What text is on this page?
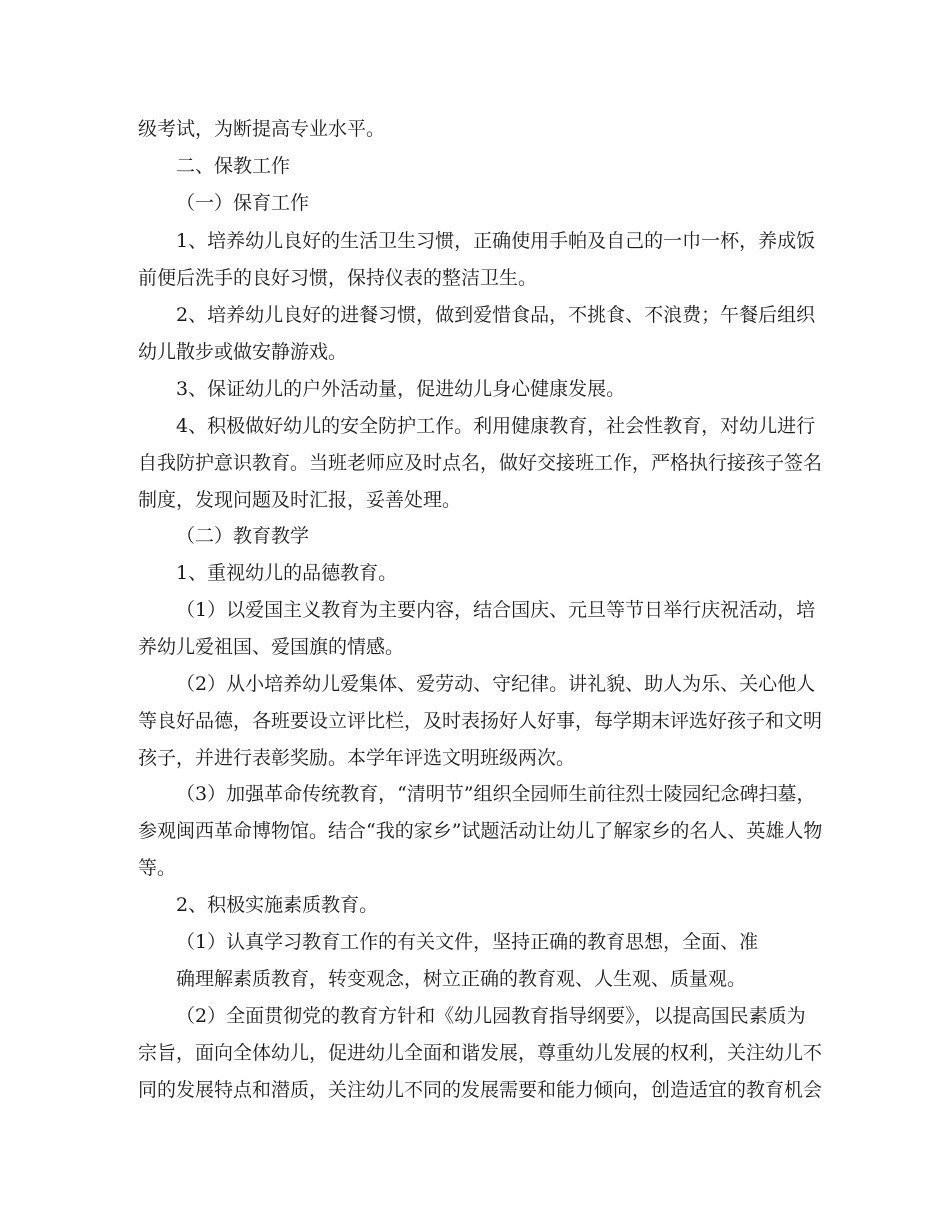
级考试，为断提高专业水平。
二、保教工作
（一）保育工作
1、培养幼儿良好的生活卫生习惯，正确使用手帕及自己的一巾一杯，养成饭
前便后洗手的良好习惯，保持仪表的整洁卫生。
2、培养幼儿良好的进餐习惯，做到爱惜食品，不挑食、不浪费；午餐后组织
幼儿散步或做安静游戏。
3、保证幼儿的户外活动量，促进幼儿身心健康发展。
4、积极做好幼儿的安全防护工作。利用健康教育，社会性教育，对幼儿进行
自我防护意识教育。当班老师应及时点名，做好交接班工作，严格执行接孩子签名
制度，发现问题及时汇报，妥善处理。
（二）教育教学
1、重视幼儿的品德教育。
（1）以爱国主义教育为主要内容，结合国庆、元旦等节日举行庆祝活动，培
养幼儿爱祖国、爱国旗的情感。
（2）从小培养幼儿爱集体、爱劳动、守纪律。讲礼貌、助人为乐、关心他人
等良好品德，各班要设立评比栏，及时表扬好人好事，每学期末评选好孩子和文明
孩子，并进行表彰奖励。本学年评选文明班级两次。
（3）加强革命传统教育，“清明节”组织全园师生前往烈士陵园纪念碑扫墓，
参观闽西革命博物馆。结合“我的家乡”试题活动让幼儿了解家乡的名人、英雄人物
等。
2、积极实施素质教育。
（1）认真学习教育工作的有关文件，坚持正确的教育思想，全面、准
确理解素质教育，转变观念，树立正确的教育观、人生观、质量观。
（2）全面贯彻党的教育方针和《幼儿园教育指导纲要》，以提高国民素质为
宗旨，面向全体幼儿，促进幼儿全面和谐发展，尊重幼儿发展的权利，关注幼儿不
同的发展特点和潜质，关注幼儿不同的发展需要和能力倾向，创造适宜的教育机会
